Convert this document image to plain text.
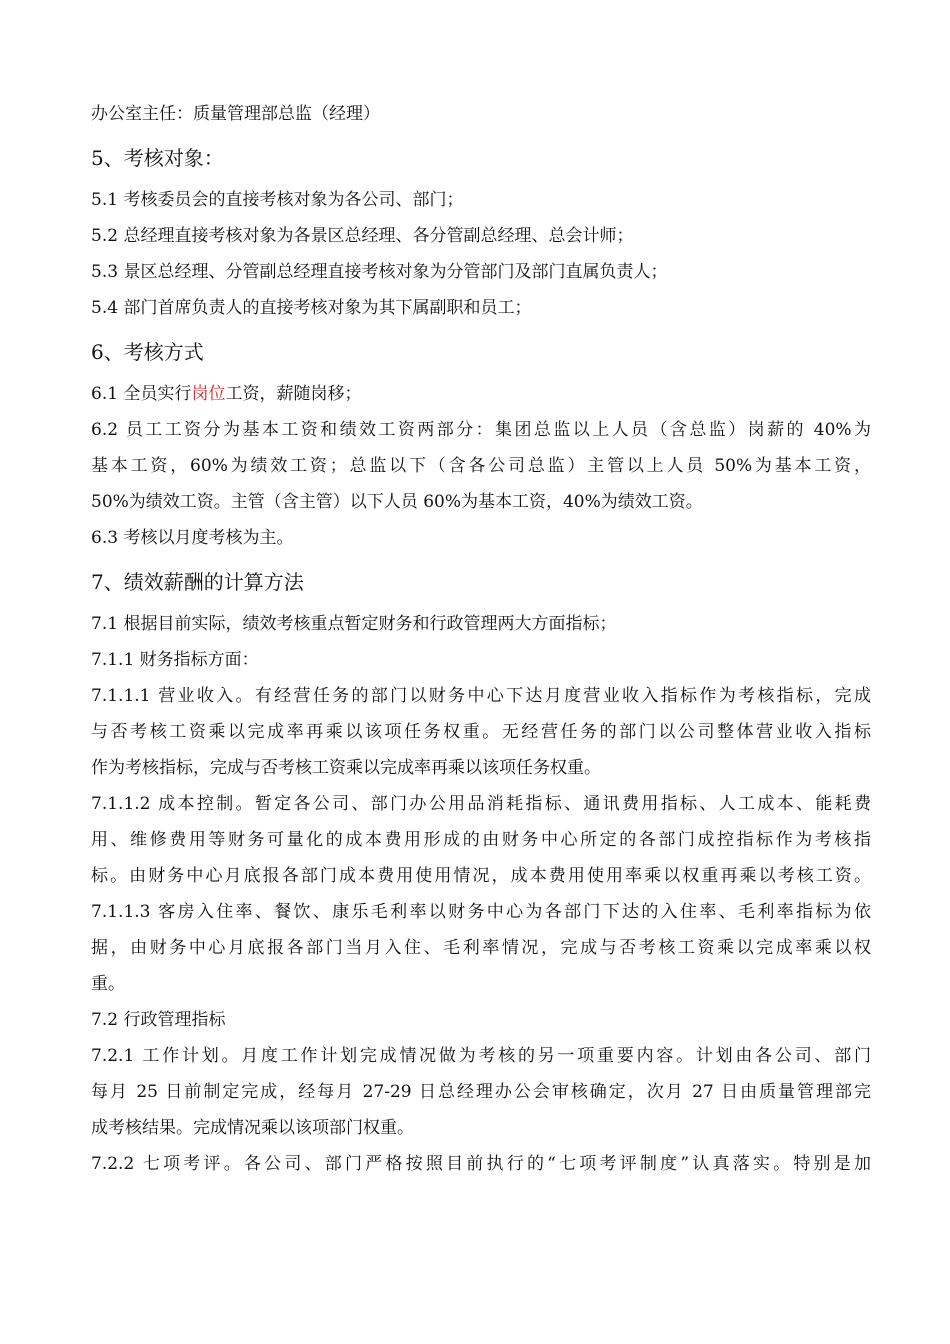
办公室主任：质量管理部总监（经理）
5、考核对象：
5.1 考核委员会的直接考核对象为各公司、部门；
5.2 总经理直接考核对象为各景区总经理、各分管副总经理、总会计师；
5.3 景区总经理、分管副总经理直接考核对象为分管部门及部门直属负责人；
5.4 部门首席负责人的直接考核对象为其下属副职和员工；
6、考核方式
6.1 全员实行岗位工资，薪随岗移；
6.2 员工工资分为基本工资和绩效工资两部分：集团总监以上人员（含总监）岗薪的 40%为
基本工资，60%为绩效工资；总监以下（含各公司总监）主管以上人员 50%为基本工资，
50%为绩效工资。主管（含主管）以下人员 60%为基本工资，40%为绩效工资。
6.3 考核以月度考核为主。
7、绩效薪酬的计算方法
7.1 根据目前实际，绩效考核重点暂定财务和行政管理两大方面指标；
7.1.1 财务指标方面：
7.1.1.1 营业收入。有经营任务的部门以财务中心下达月度营业收入指标作为考核指标，完成
与否考核工资乘以完成率再乘以该项任务权重。无经营任务的部门以公司整体营业收入指标
作为考核指标，完成与否考核工资乘以完成率再乘以该项任务权重。
7.1.1.2 成本控制。暂定各公司、部门办公用品消耗指标、通讯费用指标、人工成本、能耗费
用、维修费用等财务可量化的成本费用形成的由财务中心所定的各部门成控指标作为考核指
标。由财务中心月底报各部门成本费用使用情况，成本费用使用率乘以权重再乘以考核工资。
7.1.1.3 客房入住率、餐饮、康乐毛利率以财务中心为各部门下达的入住率、毛利率指标为依
据，由财务中心月底报各部门当月入住、毛利率情况，完成与否考核工资乘以完成率乘以权
重。
7.2 行政管理指标
7.2.1 工作计划。月度工作计划完成情况做为考核的另一项重要内容。计划由各公司、部门
每月 25 日前制定完成，经每月 27-29 日总经理办公会审核确定，次月 27 日由质量管理部完
成考核结果。完成情况乘以该项部门权重。
7.2.2 七项考评。各公司、部门严格按照目前执行的“七项考评制度”认真落实。特别是加
